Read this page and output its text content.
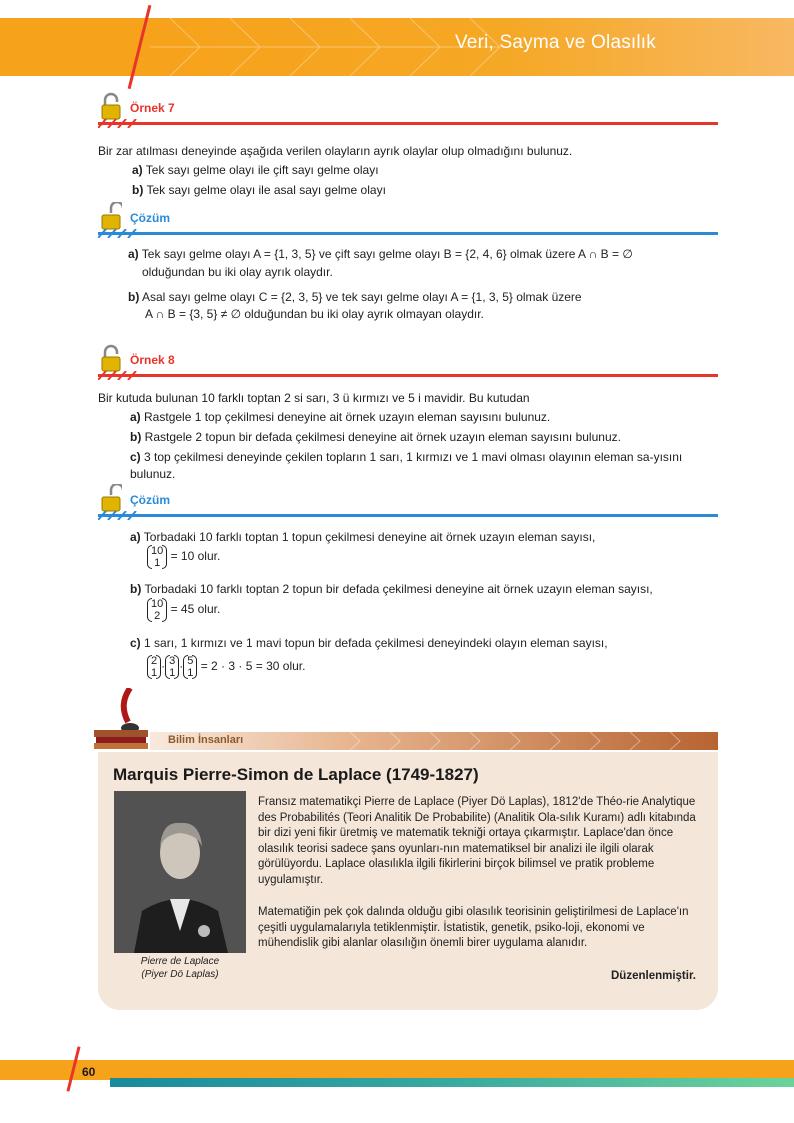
Veri, Sayma ve Olasılık
Örnek 7
Bir zar atılması deneyinde aşağıda verilen olayların ayrık olaylar olup olmadığını bulunuz.
a) Tek sayı gelme olayı ile çift sayı gelme olayı
b) Tek sayı gelme olayı ile asal sayı gelme olayı
Çözüm
a) Tek sayı gelme olayı A = {1, 3, 5} ve çift sayı gelme olayı B = {2, 4, 6} olmak üzere A ∩ B = ∅
olduğundan bu iki olay ayrık olaydır.
b) Asal sayı gelme olayı C = {2, 3, 5} ve tek sayı gelme olayı A = {1, 3, 5} olmak üzere
A ∩ B = {3, 5} ≠ ∅ olduğundan bu iki olay ayrık olmayan olaydır.
Örnek 8
Bir kutuda bulunan 10 farklı toptan 2 si sarı, 3 ü kırmızı ve 5 i mavidir. Bu kutudan
a) Rastgele 1 top çekilmesi deneyine ait örnek uzayın eleman sayısını bulunuz.
b) Rastgele 2 topun bir defada çekilmesi deneyine ait örnek uzayın eleman sayısını bulunuz.
c) 3 top çekilmesi deneyinde çekilen topların 1 sarı, 1 kırmızı ve 1 mavi olması olayının eleman sa-yısını bulunuz.
Çözüm
a) Torbadaki 10 farklı toptan 1 topun çekilmesi deneyine ait örnek uzayın eleman sayısı,
10
1 = 10 olur.
b) Torbadaki 10 farklı toptan 2 topun bir defada çekilmesi deneyine ait örnek uzayın eleman sayısı,
10
2 = 45 olur.
c) 1 sarı, 1 kırmızı ve 1 mavi topun bir defada çekilmesi deneyindeki olayın eleman sayısı,
2
1 · 3
1 · 5
1 = 2 · 3 · 5 = 30 olur.
Bilim İnsanları
Marquis Pierre-Simon de Laplace (1749-1827)
Pierre de Laplace
(Piyer Dö Laplas)
Fransız matematikçi Pierre de Laplace (Piyer Dö Laplas), 1812'de Théo-rie Analytique des Probabilités (Teori Analitik De Probabilite) (Analitik Ola-sılık Kuramı) adlı kitabında bir dizi yeni fikir üretmiş ve matematik tekniği ortaya çıkarmıştır. Laplace'dan önce olasılık teorisi sadece şans oyunları-nın matematiksel bir analizi ile ilgili olarak görülüyordu. Laplace olasılıkla ilgili fikirlerini birçok bilimsel ve pratik probleme uygulamıştır.
Matematiğin pek çok dalında olduğu gibi olasılık teorisinin geliştirilmesi de Laplace'ın çeşitli uygulamalarıyla tetiklenmiştir. İstatistik, genetik, psiko-loji, ekonomi ve mühendislik gibi alanlar olasılığın önemli birer uygulama alanıdır.
Düzenlenmiştir.
60
